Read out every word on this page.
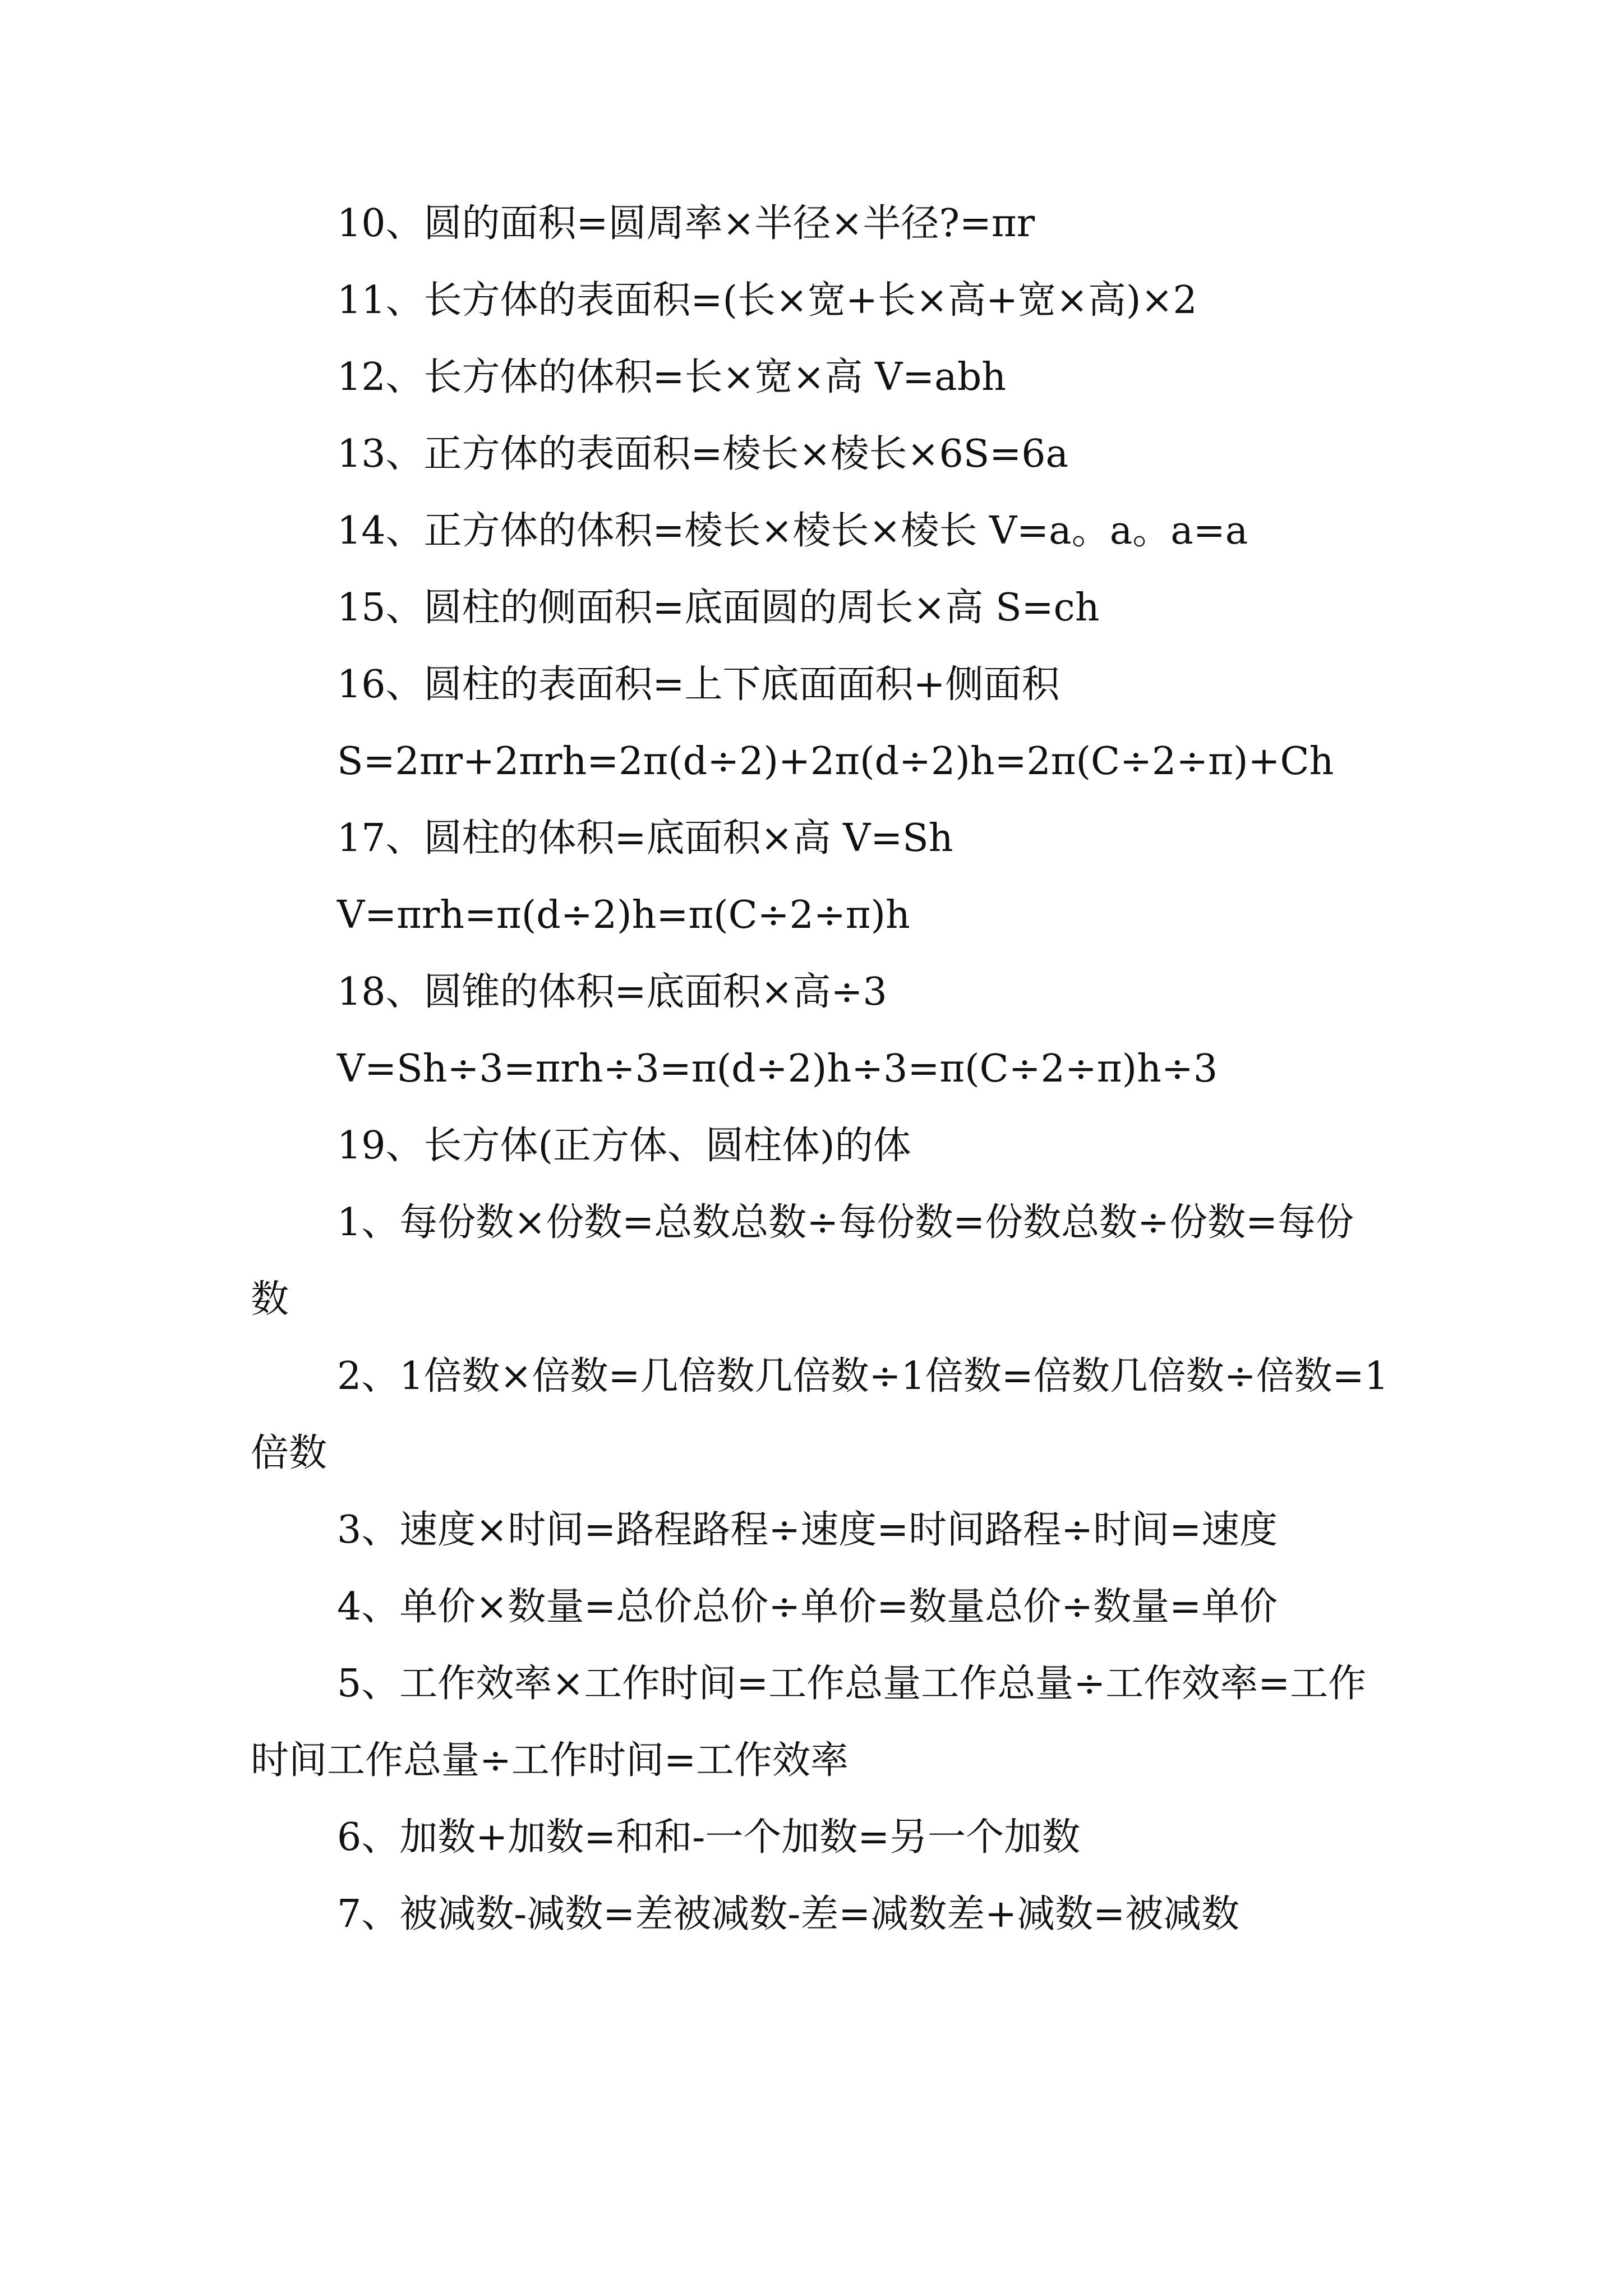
10、圆的面积=圆周率×半径×半径?=πr

11、长方体的表面积=(长×宽+长×高+宽×高)×2

12、长方体的体积=长×宽×高 V=abh

13、正方体的表面积=棱长×棱长×6S=6a

14、正方体的体积=棱长×棱长×棱长 V=a。a。a=a

15、圆柱的侧面积=底面圆的周长×高 S=ch

16、圆柱的表面积=上下底面面积+侧面积

S=2πr+2πrh=2π(d÷2)+2π(d÷2)h=2π(C÷2÷π)+Ch

17、圆柱的体积=底面积×高 V=Sh

V=πrh=π(d÷2)h=π(C÷2÷π)h

18、圆锥的体积=底面积×高÷3

V=Sh÷3=πrh÷3=π(d÷2)h÷3=π(C÷2÷π)h÷3

19、长方体(正方体、圆柱体)的体

1、每份数×份数=总数总数÷每份数=份数总数÷份数=每份数

2、1倍数×倍数=几倍数几倍数÷1倍数=倍数几倍数÷倍数=1倍数

3、速度×时间=路程路程÷速度=时间路程÷时间=速度

4、单价×数量=总价总价÷单价=数量总价÷数量=单价

5、工作效率×工作时间=工作总量工作总量÷工作效率=工作时间工作总量÷工作时间=工作效率

6、加数+加数=和和-一个加数=另一个加数

7、被减数-减数=差被减数-差=减数差+减数=被减数
